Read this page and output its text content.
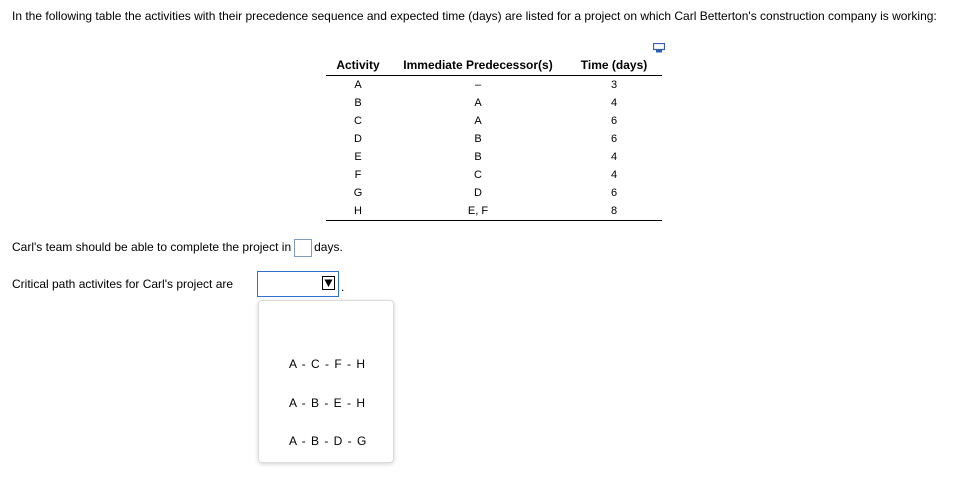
In the following table the activities with their precedence sequence and expected time (days) are listed for a project on which Carl Betterton's construction company is working:
Activity	Immediate Predecessor(s)	Time (days)
A	–	3
B	A	4
C	A	6
D	B	6
E	B	4
F	C	4
G	D	6
H	E, F	8
Carl's team should be able to complete the project in days.
Critical path activites for Carl's project are	.
A - C - F - H
A - B - E - H
A - B - D - G
